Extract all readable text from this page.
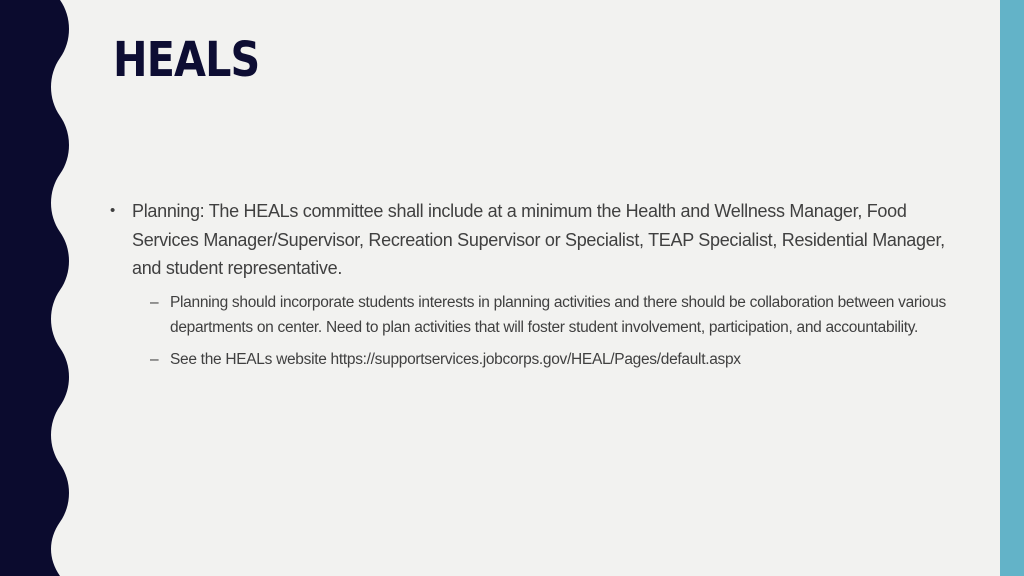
HEALS

• Planning: The HEALs committee shall include at a minimum the Health and Wellness Manager, Food Services Manager/Supervisor, Recreation Supervisor or Specialist, TEAP Specialist, Residential Manager, and student representative.

– Planning should incorporate students interests in planning activities and there should be collaboration between various departments on center. Need to plan activities that will foster student involvement, participation, and accountability.

– See the HEALs website https://supportservices.jobcorps.gov/HEAL/Pages/default.aspx
